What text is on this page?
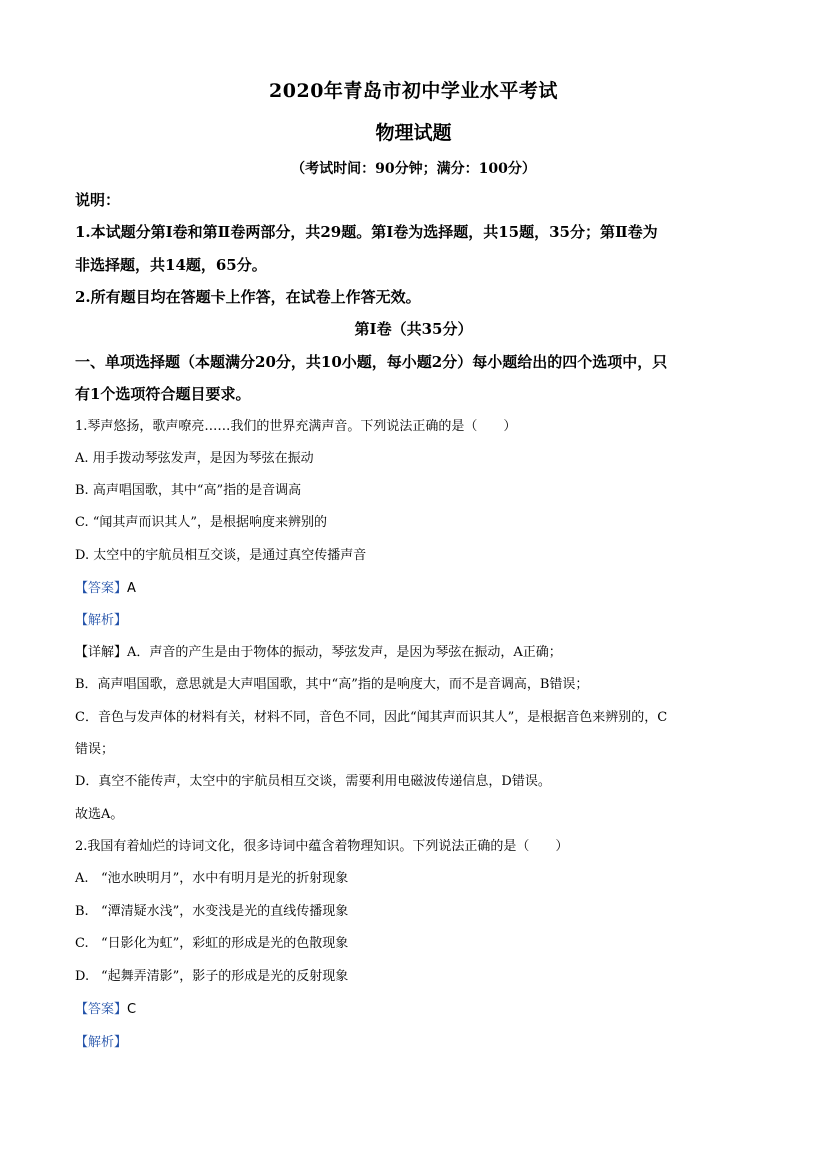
2020年青岛市初中学业水平考试
物理试题
（考试时间：90分钟；满分：100分）
说明：
1.本试题分第Ⅰ卷和第Ⅱ卷两部分，共29题。第Ⅰ卷为选择题，共15题，35分；第Ⅱ卷为
非选择题，共14题，65分。
2.所有题目均在答题卡上作答，在试卷上作答无效。
第Ⅰ卷（共35分）
一、单项选择题（本题满分20分，共10小题，每小题2分）每小题给出的四个选项中，只
有1个选项符合题目要求。
1.琴声悠扬，歌声嘹亮……我们的世界充满声音。下列说法正确的是（　　）
A. 用手拨动琴弦发声，是因为琴弦在振动
B. 高声唱国歌，其中“高”指的是音调高
C. “闻其声而识其人”，是根据响度来辨别的
D. 太空中的宇航员相互交谈，是通过真空传播声音
【答案】A
【解析】
【详解】A．声音的产生是由于物体的振动，琴弦发声，是因为琴弦在振动，A正确；
B．高声唱国歌，意思就是大声唱国歌，其中“高”指的是响度大，而不是音调高，B错误；
C．音色与发声体的材料有关，材料不同，音色不同，因此“闻其声而识其人”，是根据音色来辨别的，C
错误；
D．真空不能传声，太空中的宇航员相互交谈，需要利用电磁波传递信息，D错误。
故选A。
2.我国有着灿烂的诗词文化，很多诗词中蕴含着物理知识。下列说法正确的是（　　）
A. “池水映明月”，水中有明月是光的折射现象
B. “潭清疑水浅”，水变浅是光的直线传播现象
C. “日影化为虹”，彩虹的形成是光的色散现象
D. “起舞弄清影”，影子的形成是光的反射现象
【答案】C
【解析】
